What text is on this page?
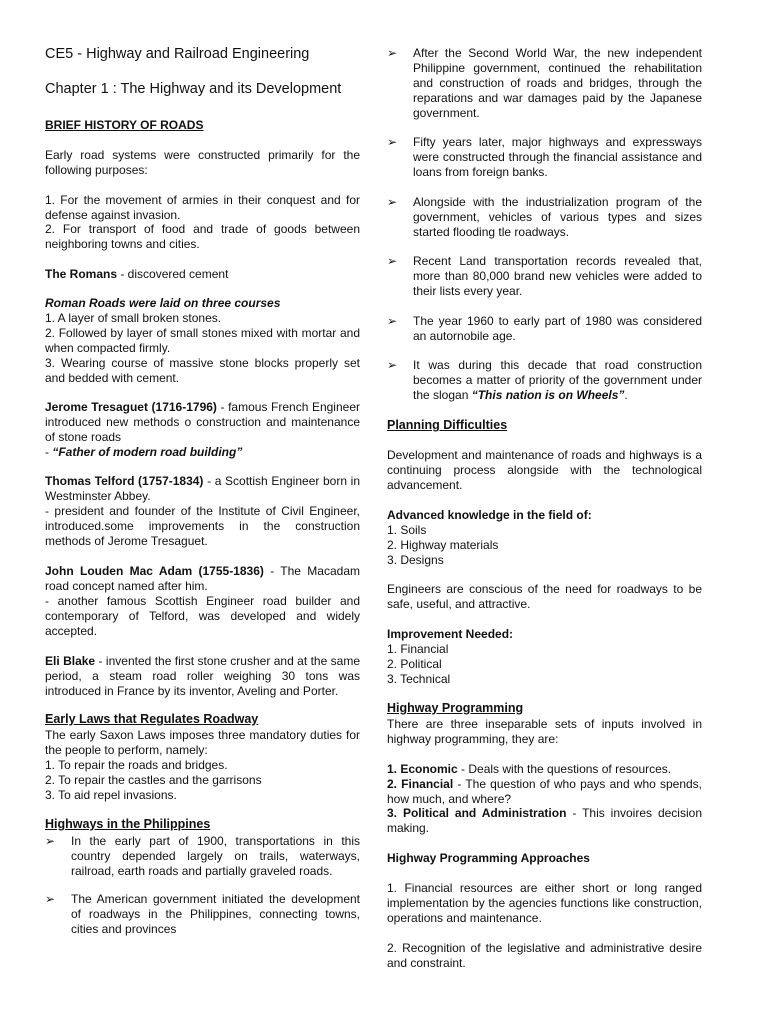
CE5 - Highway and Railroad Engineering
Chapter 1 : The Highway and its Development
BRIEF HISTORY OF ROADS
Early road systems were constructed primarily for the following purposes:
1. For the movement of armies in their conquest and for defense against invasion.
2. For transport of food and trade of goods between neighboring towns and cities.
The Romans - discovered cement
Roman Roads were laid on three courses
1. A layer of small broken stones.
2. Followed by layer of small stones mixed with mortar and when compacted firmly.
3. Wearing course of massive stone blocks properly set and bedded with cement.
Jerome Tresaguet (1716-1796) - famous French Engineer introduced new methods o construction and maintenance of stone roads
- “Father of modern road building”
Thomas Telford (1757-1834) - a Scottish Engineer born in Westminster Abbey.
- president and founder of the Institute of Civil Engineer, introduced.some improvements in the construction methods of Jerome Tresaguet.
John Louden Mac Adam (1755-1836) - The Macadam road concept named after him.
- another famous Scottish Engineer road builder and contemporary of Telford, was developed and widely accepted.
Eli Blake - invented the first stone crusher and at the same period, a steam road roller weighing 30 tons was introduced in France by its inventor, Aveling and Porter.
Early Laws that Regulates Roadway
The early Saxon Laws imposes three mandatory duties for the people to perform, namely:
1. To repair the roads and bridges.
2. To repair the castles and the garrisons
3. To aid repel invasions.
Highways in the Philippines
➢	In the early part of 1900, transportations in this country depended largely on trails, waterways, railroad, earth roads and partially graveled roads.
➢	The American government initiated the development of roadways in the Philippines, connecting towns, cities and provinces
➢	After the Second World War, the new independent Philippine government, continued the rehabilitation and construction of roads and bridges, through the reparations and war damages paid by the Japanese government.
➢	Fifty years later, major highways and expressways were constructed through the financial assistance and loans from foreign banks.
➢	Alongside with the industrialization program of the government, vehicles of various types and sizes started flooding tle roadways.
➢	Recent Land transportation records revealed that, more than 80,000 brand new vehicles were added to their lists every year.
➢	The year 1960 to early part of 1980 was considered an autornobile age.
➢	It was during this decade that road construction becomes a matter of priority of the government under the slogan “This nation is on Wheels”.
Planning Difficulties
Development and maintenance of roads and highways is a continuing process alongside with the technological advancement.
Advanced knowledge in the field of:
1. Soils
2. Highway materials
3. Designs
Engineers are conscious of the need for roadways to be safe, useful, and attractive.
Improvement Needed:
1. Financial
2. Political
3. Technical
Highway Programming
There are three inseparable sets of inputs involved in highway programming, they are:
1. Economic - Deals with the questions of resources.
2. Financial - The question of who pays and who spends, how much, and where?
3. Political and Administration - This invoires decision making.
Highway Programming Approaches
1. Financial resources are either short or long ranged implementation by the agencies functions like construction, operations and maintenance.
2. Recognition of the legislative and administrative desire and constraint.
